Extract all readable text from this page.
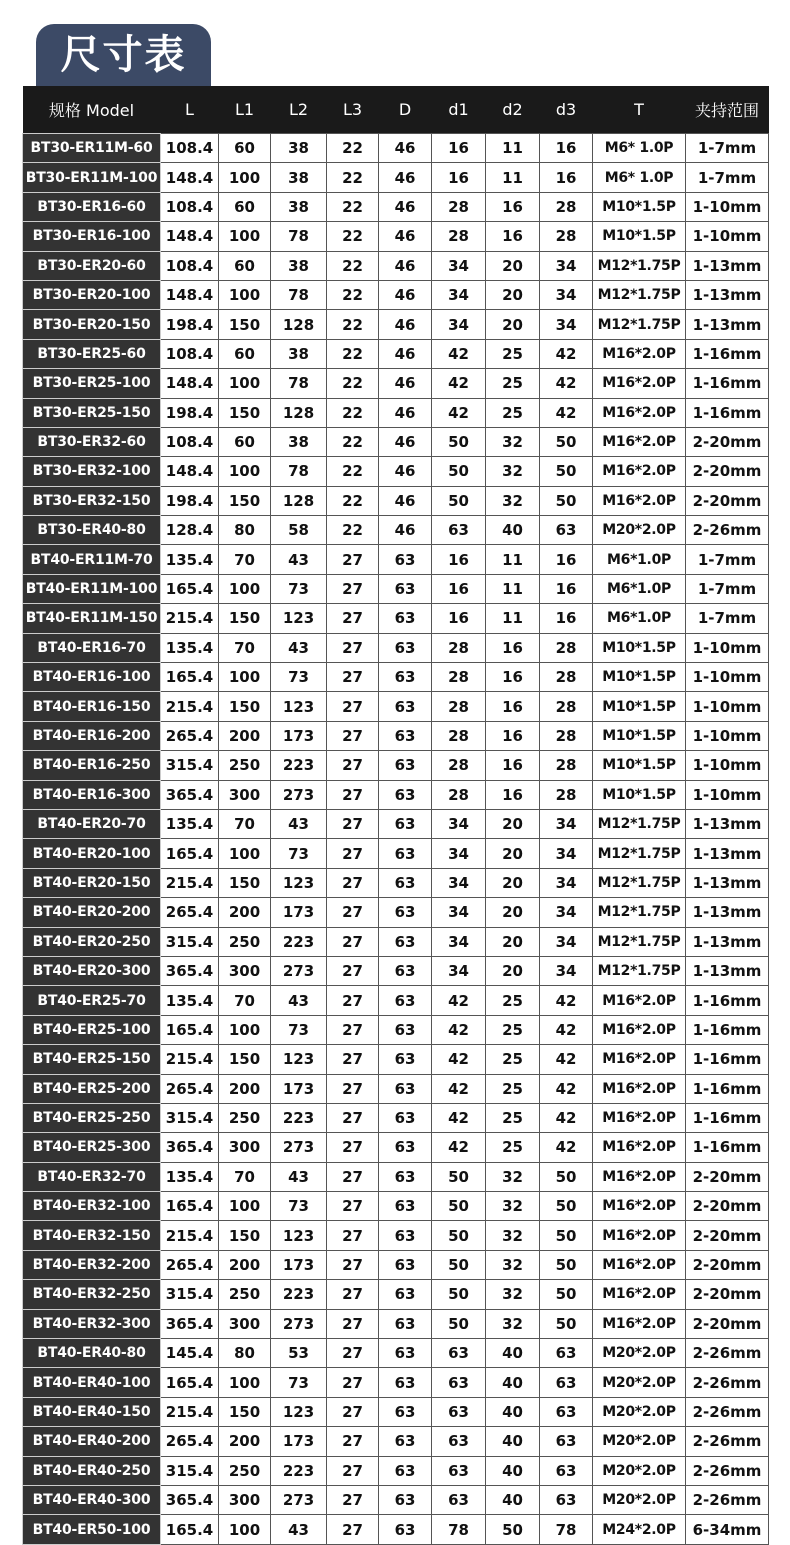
尺寸表
规格 Model	L	L1	L2	L3	D	d1	d2	d3	T	夹持范围
BT30-ER11M-60	108.4	60	38	22	46	16	11	16	M6* 1.0P	1-7mm
BT30-ER11M-100	148.4	100	38	22	46	16	11	16	M6* 1.0P	1-7mm
BT30-ER16-60	108.4	60	38	22	46	28	16	28	M10*1.5P	1-10mm
BT30-ER16-100	148.4	100	78	22	46	28	16	28	M10*1.5P	1-10mm
BT30-ER20-60	108.4	60	38	22	46	34	20	34	M12*1.75P	1-13mm
BT30-ER20-100	148.4	100	78	22	46	34	20	34	M12*1.75P	1-13mm
BT30-ER20-150	198.4	150	128	22	46	34	20	34	M12*1.75P	1-13mm
BT30-ER25-60	108.4	60	38	22	46	42	25	42	M16*2.0P	1-16mm
BT30-ER25-100	148.4	100	78	22	46	42	25	42	M16*2.0P	1-16mm
BT30-ER25-150	198.4	150	128	22	46	42	25	42	M16*2.0P	1-16mm
BT30-ER32-60	108.4	60	38	22	46	50	32	50	M16*2.0P	2-20mm
BT30-ER32-100	148.4	100	78	22	46	50	32	50	M16*2.0P	2-20mm
BT30-ER32-150	198.4	150	128	22	46	50	32	50	M16*2.0P	2-20mm
BT30-ER40-80	128.4	80	58	22	46	63	40	63	M20*2.0P	2-26mm
BT40-ER11M-70	135.4	70	43	27	63	16	11	16	M6*1.0P	1-7mm
BT40-ER11M-100	165.4	100	73	27	63	16	11	16	M6*1.0P	1-7mm
BT40-ER11M-150	215.4	150	123	27	63	16	11	16	M6*1.0P	1-7mm
BT40-ER16-70	135.4	70	43	27	63	28	16	28	M10*1.5P	1-10mm
BT40-ER16-100	165.4	100	73	27	63	28	16	28	M10*1.5P	1-10mm
BT40-ER16-150	215.4	150	123	27	63	28	16	28	M10*1.5P	1-10mm
BT40-ER16-200	265.4	200	173	27	63	28	16	28	M10*1.5P	1-10mm
BT40-ER16-250	315.4	250	223	27	63	28	16	28	M10*1.5P	1-10mm
BT40-ER16-300	365.4	300	273	27	63	28	16	28	M10*1.5P	1-10mm
BT40-ER20-70	135.4	70	43	27	63	34	20	34	M12*1.75P	1-13mm
BT40-ER20-100	165.4	100	73	27	63	34	20	34	M12*1.75P	1-13mm
BT40-ER20-150	215.4	150	123	27	63	34	20	34	M12*1.75P	1-13mm
BT40-ER20-200	265.4	200	173	27	63	34	20	34	M12*1.75P	1-13mm
BT40-ER20-250	315.4	250	223	27	63	34	20	34	M12*1.75P	1-13mm
BT40-ER20-300	365.4	300	273	27	63	34	20	34	M12*1.75P	1-13mm
BT40-ER25-70	135.4	70	43	27	63	42	25	42	M16*2.0P	1-16mm
BT40-ER25-100	165.4	100	73	27	63	42	25	42	M16*2.0P	1-16mm
BT40-ER25-150	215.4	150	123	27	63	42	25	42	M16*2.0P	1-16mm
BT40-ER25-200	265.4	200	173	27	63	42	25	42	M16*2.0P	1-16mm
BT40-ER25-250	315.4	250	223	27	63	42	25	42	M16*2.0P	1-16mm
BT40-ER25-300	365.4	300	273	27	63	42	25	42	M16*2.0P	1-16mm
BT40-ER32-70	135.4	70	43	27	63	50	32	50	M16*2.0P	2-20mm
BT40-ER32-100	165.4	100	73	27	63	50	32	50	M16*2.0P	2-20mm
BT40-ER32-150	215.4	150	123	27	63	50	32	50	M16*2.0P	2-20mm
BT40-ER32-200	265.4	200	173	27	63	50	32	50	M16*2.0P	2-20mm
BT40-ER32-250	315.4	250	223	27	63	50	32	50	M16*2.0P	2-20mm
BT40-ER32-300	365.4	300	273	27	63	50	32	50	M16*2.0P	2-20mm
BT40-ER40-80	145.4	80	53	27	63	63	40	63	M20*2.0P	2-26mm
BT40-ER40-100	165.4	100	73	27	63	63	40	63	M20*2.0P	2-26mm
BT40-ER40-150	215.4	150	123	27	63	63	40	63	M20*2.0P	2-26mm
BT40-ER40-200	265.4	200	173	27	63	63	40	63	M20*2.0P	2-26mm
BT40-ER40-250	315.4	250	223	27	63	63	40	63	M20*2.0P	2-26mm
BT40-ER40-300	365.4	300	273	27	63	63	40	63	M20*2.0P	2-26mm
BT40-ER50-100	165.4	100	43	27	63	78	50	78	M24*2.0P	6-34mm
